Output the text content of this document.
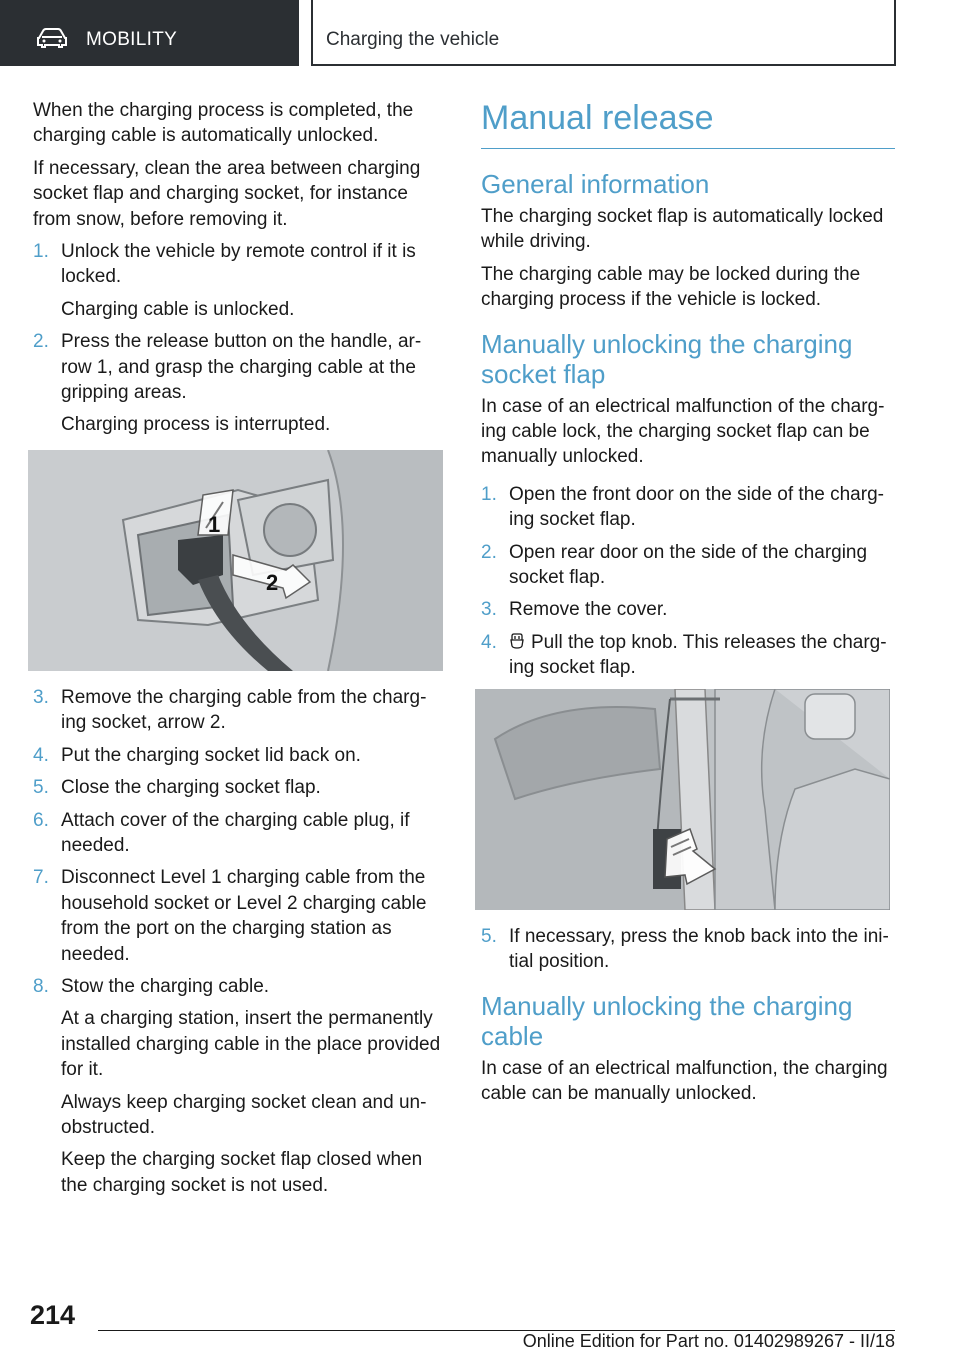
MOBILITY	Charging the vehicle

When the charging process is completed, the charging cable is automatically unlocked.

If necessary, clean the area between charging socket flap and charging socket, for instance from snow, before removing it.

1. Unlock the vehicle by remote control if it is locked.
Charging cable is unlocked.
2. Press the release button on the handle, ar‐ row 1, and grasp the charging cable at the gripping areas.
Charging process is interrupted.
1
2
3. Remove the charging cable from the charg‐ ing socket, arrow 2.
4. Put the charging socket lid back on.
5. Close the charging socket flap.
6. Attach cover of the charging cable plug, if needed.
7. Disconnect Level 1 charging cable from the household socket or Level 2 charging cable from the port on the charging station as needed.
8. Stow the charging cable.
At a charging station, insert the permanently installed charging cable in the place provided for it.
Always keep charging socket clean and un‐ obstructed.
Keep the charging socket flap closed when the charging socket is not used.
Manual release
General information

The charging socket flap is automatically locked while driving.

The charging cable may be locked during the charging process if the vehicle is locked.

Manually unlocking the charging socket flap

In case of an electrical malfunction of the charg‐ ing cable lock, the charging socket flap can be manually unlocked.

1. Open the front door on the side of the charg‐ ing socket flap.
2. Open rear door on the side of the charging socket flap.
3. Remove the cover.
4.	Pull the top knob. This releases the charg‐ ing socket flap.
5. If necessary, press the knob back into the ini‐ tial position.
Manually unlocking the charging cable

In case of an electrical malfunction, the charging cable can be manually unlocked.

214
Online Edition for Part no. 01402989267 - II/18
